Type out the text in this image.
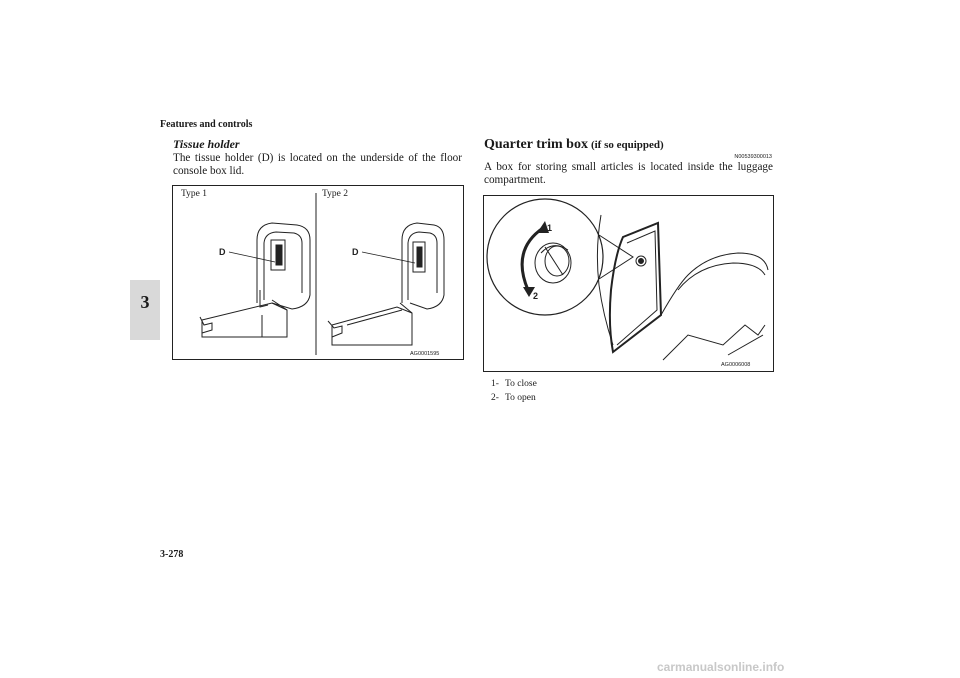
Features and controls
3
Tissue holder
The tissue holder (D) is located on the underside of the floor console box lid.
D	D
Type 1	Type 2
AG0001595
Quarter trim box (if so equipped)
N00539300013
A box for storing small articles is located inside the luggage compartment.
1
2
AG0006008
1- To close
2- To open
3-278
carmanualsonline.info
